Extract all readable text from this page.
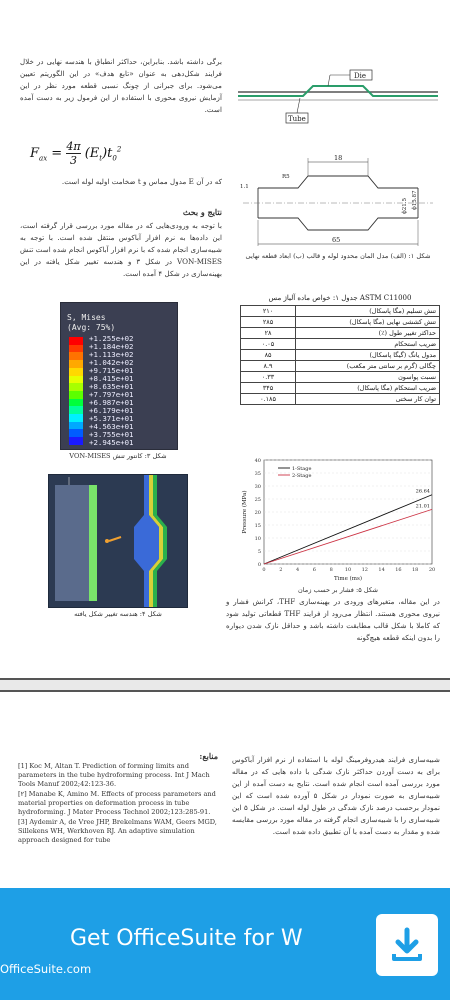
برگی داشته باشد. بنابراین، حداکثر انطباق با هندسه نهایی در خلال فرایند شکل‌دهی به عنوان «تابع هدف» در این الگوریتم تعیین می‌شود. برای جبرانی از چونگ نسبی قطعه مورد نظر در این آزمایش نیروی محوری با استفاده از این فرمول زیر به دست آمده است.
$F_{ax} = \frac{4\pi}{3} (E_t)t_0^2$
که در آن E مدول مماس و t ضخامت اولیه لوله است.
نتایج و بحث
با توجه به ورودی‌هایی که در مقاله مورد بررسی قرار گرفته است، این داده‌ها به نرم افزار آباکوس منتقل شده است. با توجه به شبیه‌سازی انجام شده که با نرم افزار آباکوس انجام شده است تنش VON-MISES در شکل ۳ و هندسه تغییر شکل یافته در این بهینه‌سازی در شکل ۴ آمده است.
Die
Tube
18
65
1.1
R5
ϕ15.87
ϕ21.5
شکل ۱: (الف) مدل المان محدود لوله و قالب (ب) ابعاد قطعه نهایی
جدول ۱: خواص ماده آلیاژ مس ASTM C11000
تنش تسلیم (مگا پاسکال)	۲۱۰
تنش کششی نهایی (مگا پاسکال)	۲۸۵
حداکثر تغییر طول (٪)	۲۸
ضریب استحکام	۰.۰۵
مدول یانگ (گیگا پاسکال)	۸۵
چگالی (گرم بر سانتی متر مکعب)	۸.۹
نسبت پواسون	۰.۳۳
ضریب استحکام (مگا پاسکال)	۳۴۵
توان کار سختی	۰.۱۸۵
S, Mises
(Avg: 75%)
+1.255e+02
+1.184e+02
+1.113e+02
+1.042e+02
+9.715e+01
+8.415e+01
+8.635e+01
+7.797e+01
+6.987e+01
+6.179e+01
+5.371e+01
+4.563e+01
+3.755e+01
+2.945e+01
شکل ۳: کانتور تنش VON-MISES
شکل ۴: هندسه تغییر شکل یافته
0
5
10
15
20
25
30
35
40
0	2	4	6	8 10 12 14 16 18 20
Time (ms)
Pressure (MPa)
1-Stage
26.64
2-Stage
21.01
شکل ۵: فشار بر حسب زمان
در این مقاله، متغیرهای ورودی در بهینه‌سازی THF، کرانش فشار و نیروی محوری هستند. انتظار می‌رود از فرایند THF قطعاتی تولید شود که کاملا با شکل قالب مطابقت داشته باشد و حداقل نازک شدن دیواره را بدون اینکه قطعه هیچ‌گونه
منابع:

[1] Koc M, Altan T. Prediction of forming limits and parameters in the tube hydroforming process. Int J Mach Tools Manuf 2002;42:123-36.

[۲] Manabe K, Amino M. Effects of process parameters and material properties on deformation process in tube hydroforming. J Mater Process Technol 2002;123:285-91.

[3] Aydemir A, de Vree JHP, Brekelmans WAM, Geers MGD, Sillekens WH, Werkhoven RJ. An adaptive simulation approach designed for tube

شبیه‌سازی فرایند هیدروفرمینگ لوله با استفاده از نرم افزار آباکوس برای به دست آوردن حداکثر نازک شدگی با داده هایی که در مقاله مورد بررسی آمده است انجام شده است. نتایج به دست آمده از این شبیه‌سازی به صورت نمودار در شکل ۵ آورده شده است که این نمودار برحسب درصد نازک شدگی در طول لوله است. در شکل ۵ این شبیه‌سازی را با شبیه‌سازی انجام گرفته در مقاله مورد بررسی مقایسه شده و مقدار به دست آمده با آن تطبیق داده شده است.
Get OfficeSuite for W
OfficeSuite.com
